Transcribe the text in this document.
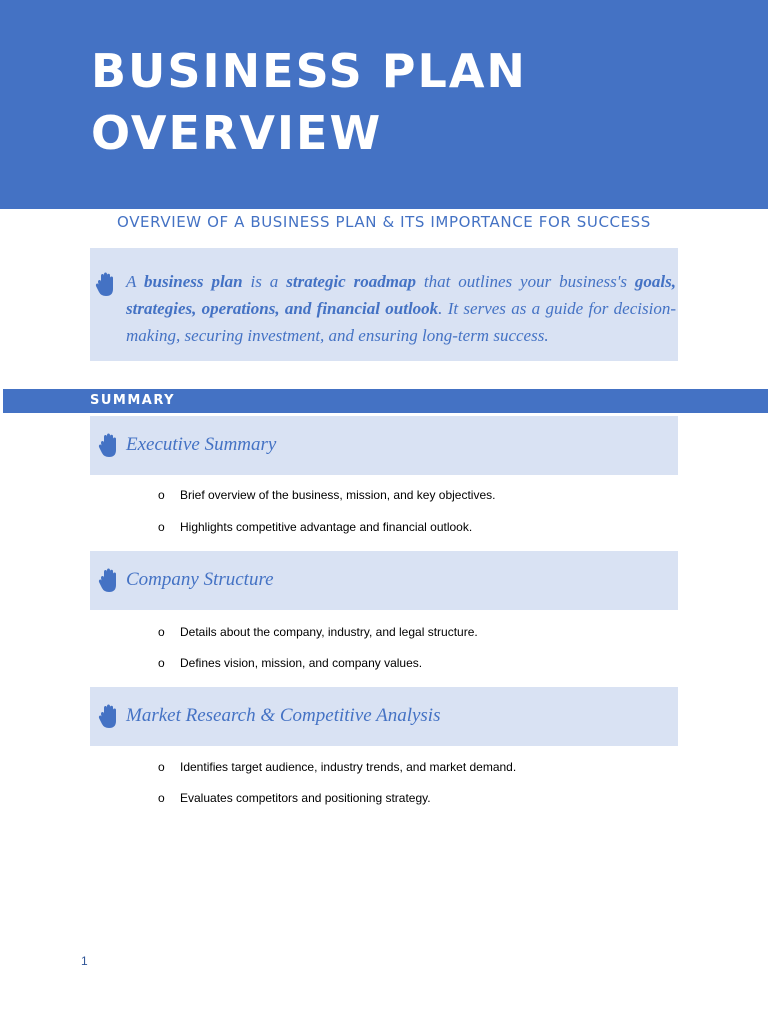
BUSINESS PLAN
OVERVIEW
OVERVIEW OF A BUSINESS PLAN & ITS IMPORTANCE FOR SUCCESS

A business plan is a strategic roadmap that outlines your business's goals, strategies, operations, and financial outlook. It serves as a guide for decision-making, securing investment, and ensuring long-term success.

SUMMARY
Executive Summary
o Brief overview of the business, mission, and key objectives.
o Highlights competitive advantage and financial outlook.
Company Structure
o Details about the company, industry, and legal structure.
o Defines vision, mission, and company values.
Market Research & Competitive Analysis
o Identifies target audience, industry trends, and market demand.
o Evaluates competitors and positioning strategy.
1
